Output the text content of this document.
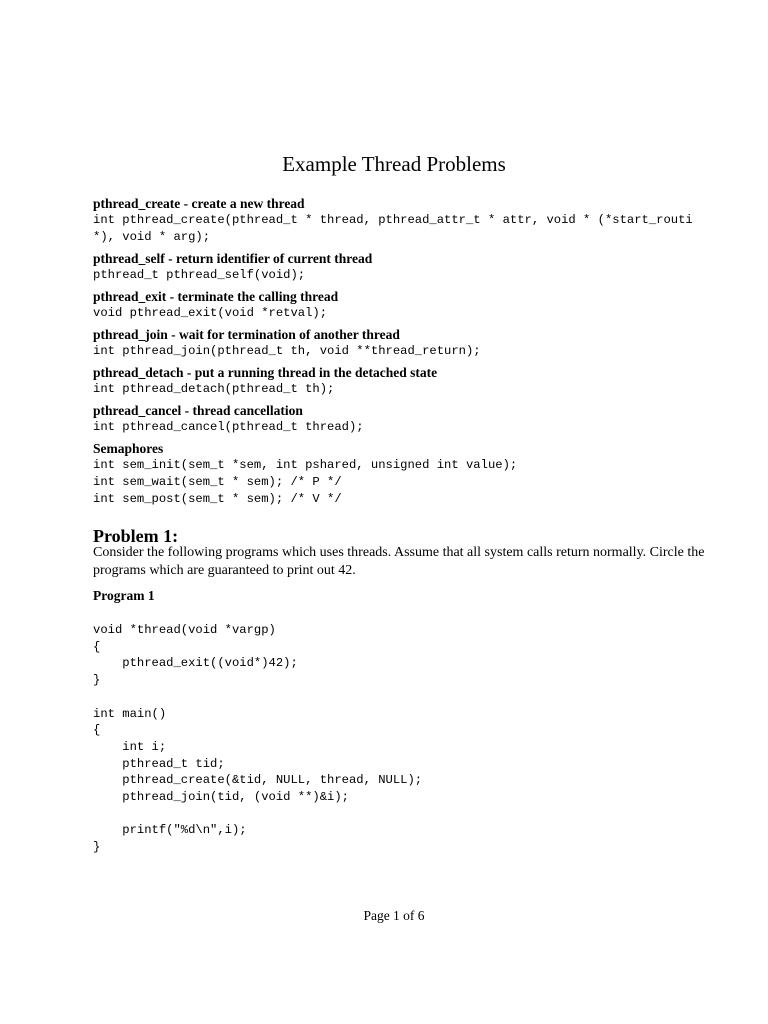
Example Thread Problems
pthread_create - create a new thread
int pthread_create(pthread_t * thread, pthread_attr_t * attr, void * (*start_routi
*), void * arg);
pthread_self - return identifier of current thread
pthread_t pthread_self(void);
pthread_exit - terminate the calling thread
void pthread_exit(void *retval);
pthread_join - wait for termination of another thread
int pthread_join(pthread_t th, void **thread_return);
pthread_detach - put a running thread in the detached state
int pthread_detach(pthread_t th);
pthread_cancel - thread cancellation
int pthread_cancel(pthread_t thread);
Semaphores
int sem_init(sem_t *sem, int pshared, unsigned int value);
int sem_wait(sem_t * sem); /* P */
int sem_post(sem_t * sem); /* V */
Problem 1:
Consider the following programs which uses threads. Assume that all system calls return normally. Circle the programs which are guaranteed to print out 42.
Program 1
void *thread(void *vargp)
{
pthread_exit((void*)42);
}

int main()
{
int i;
pthread_t tid;
pthread_create(&tid, NULL, thread, NULL);
pthread_join(tid, (void **)&i);

printf("%d\n",i);
}
Page 1 of 6
